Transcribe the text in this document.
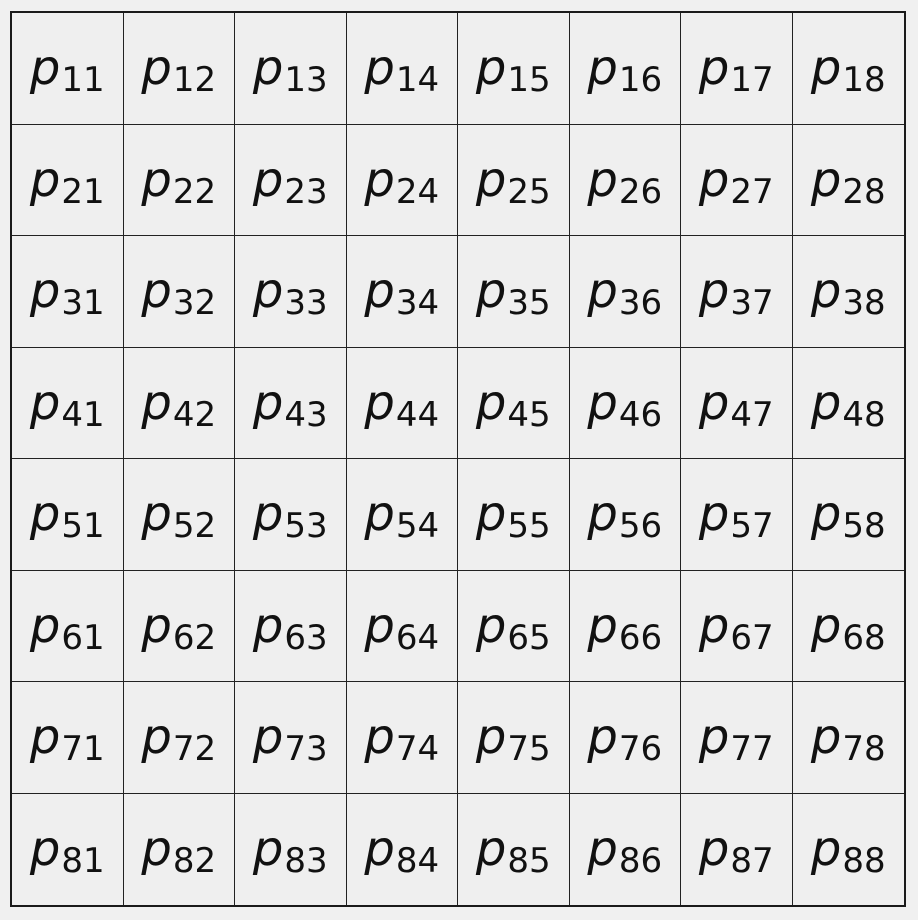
p 11 p 12 p 13 p 14 p 15 p 16 p 17 p 18
p 21 p 22 p 23 p 24 p 25 p 26 p 27 p 28
p 31 p 32 p 33 p 34 p 35 p 36 p 37 p 38
p 41 p 42 p 43 p 44 p 45 p 46 p 47 p 48
p 51 p 52 p 53 p 54 p 55 p 56 p 57 p 58
p 61 p 62 p 63 p 64 p 65 p 66 p 67 p 68
p 71 p 72 p 73 p 74 p 75 p 76 p 77 p 78
p 81 p 82 p 83 p 84 p 85 p 86 p 87 p 88
